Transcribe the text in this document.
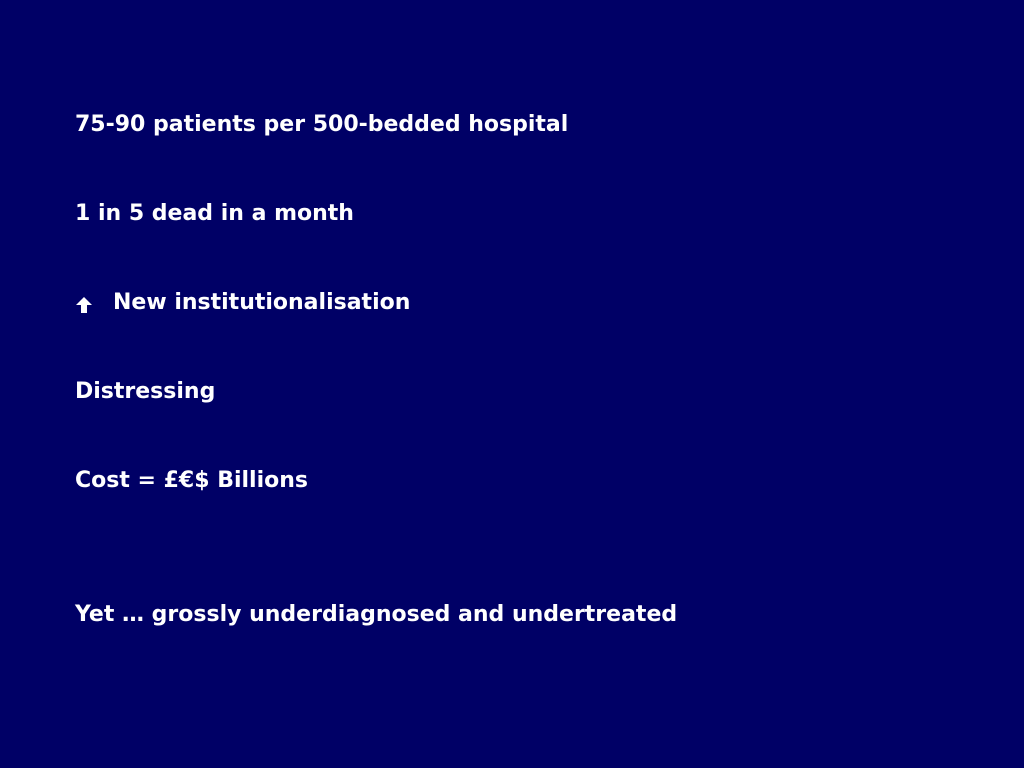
75-90 patients per 500-bedded hospital
1 in 5 dead in a month
New institutionalisation
Distressing
Cost = £€$ Billions
Yet … grossly underdiagnosed and undertreated
